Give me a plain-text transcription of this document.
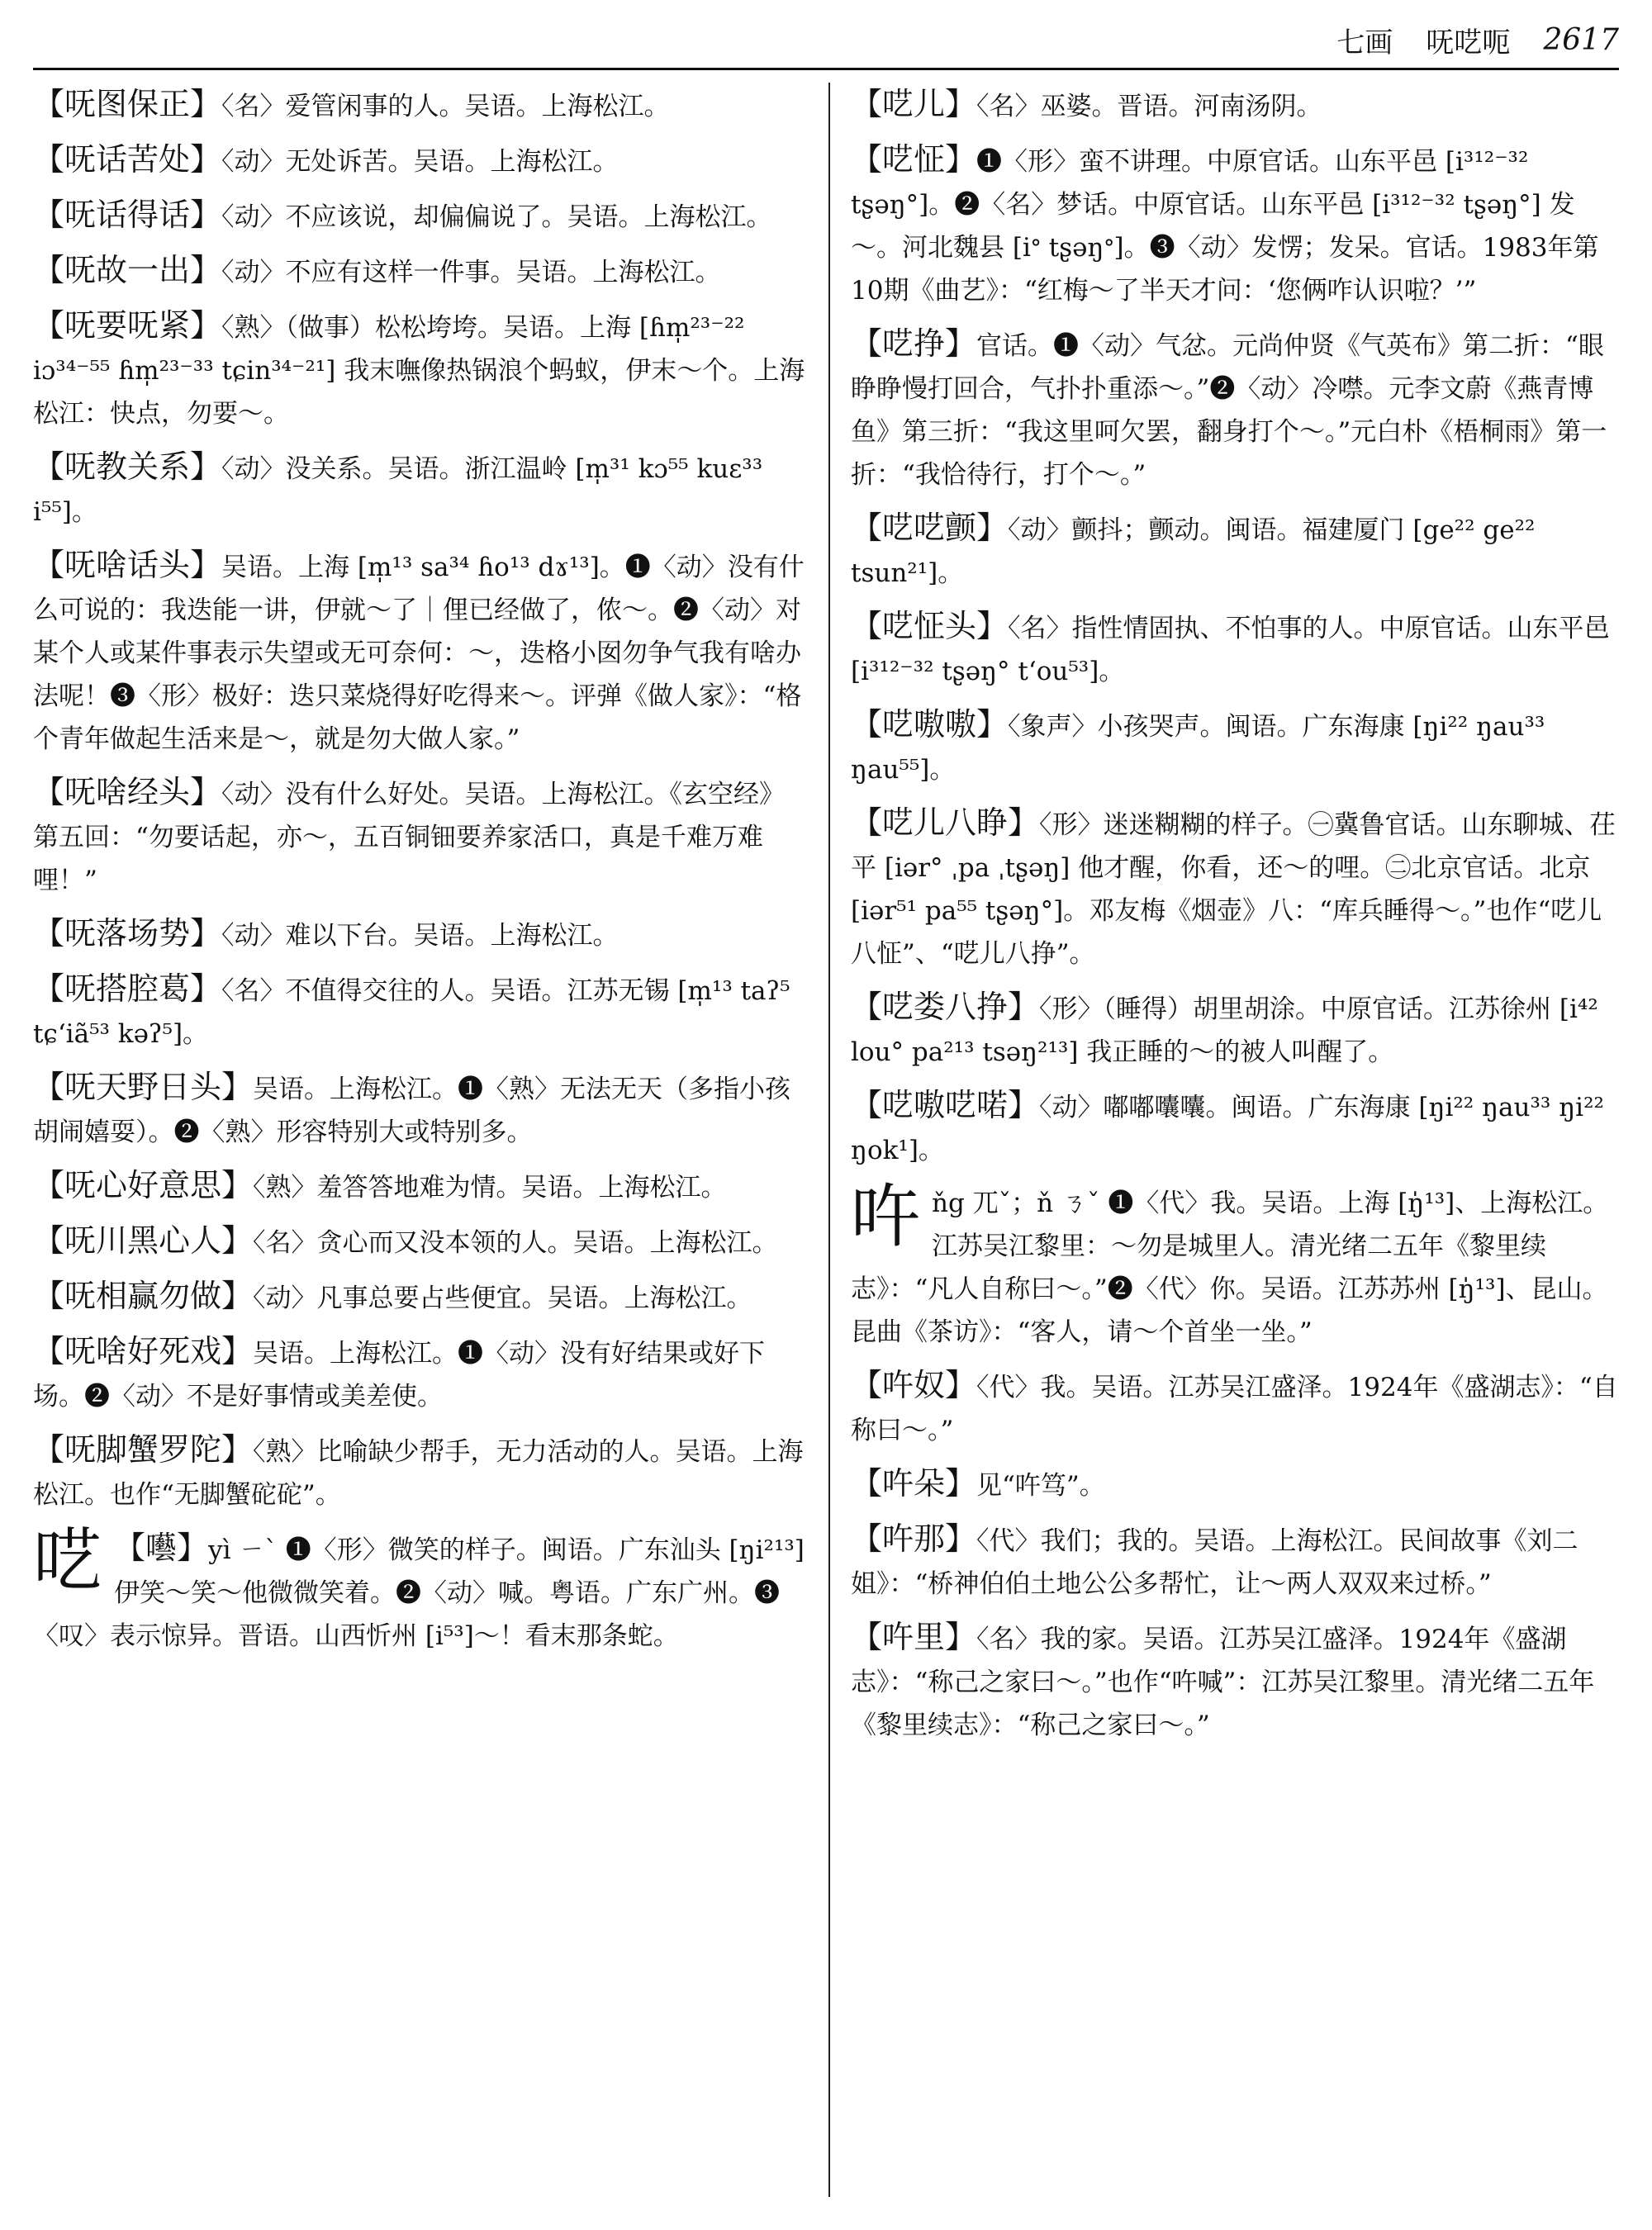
七画 呒呓呃 2617
【 呒图保正 】 〈名〉爱管闲事的人。吴语。上海松江。
【 呒话苦处 】 〈动〉无处诉苦。吴语。上海松江。
【 呒话得话 】 〈动〉不应该说，却偏偏说了。吴语。上海松江。
【 呒故一出 】 〈动〉不应有这样一件事。吴语。上海松江。
【 呒要呒紧 】 〈熟〉（做事）松松垮垮。吴语。上海 [ɦm̩²³⁻²² iɔ³⁴⁻⁵⁵ ɦm̩²³⁻³³ tɕin³⁴⁻²¹] 我末嘸像热锅浪个蚂蚁，伊末～个。上海松江：快点，勿要～。
【 呒教关系 】 〈动〉没关系。吴语。浙江温岭 [m̩³¹ kɔ⁵⁵ kuɛ³³ i⁵⁵]。
【 呒啥话头 】 吴语。上海 [m̩¹³ sa³⁴ ɦo¹³ dɤ¹³]。❶〈动〉没有什么可说的：我迭能一讲，伊就～了｜俚已经做了，侬～。❷〈动〉对某个人或某件事表示失望或无可奈何：～，迭格小囡勿争气我有啥办法呢！❸〈形〉极好：迭只菜烧得好吃得来～。评弹《做人家》：“格个青年做起生活来是～，就是勿大做人家。”
【 呒啥经头 】 〈动〉没有什么好处。吴语。上海松江。《玄空经》第五回：“勿要话起，亦～，五百铜钿要养家活口，真是千难万难哩！”
【 呒落场势 】 〈动〉难以下台。吴语。上海松江。
【 呒搭腔葛 】 〈名〉不值得交往的人。吴语。江苏无锡 [m̩¹³ taʔ⁵ tɕʻiã⁵³ kəʔ⁵]。
【 呒天野日头 】 吴语。上海松江。❶〈熟〉无法无天（多指小孩胡闹嬉耍）。❷〈熟〉形容特别大或特别多。
【 呒心好意思 】 〈熟〉羞答答地难为情。吴语。上海松江。
【 呒川黑心人 】 〈名〉贪心而又没本领的人。吴语。上海松江。
【 呒相赢勿做 】 〈动〉凡事总要占些便宜。吴语。上海松江。
【 呒啥好死戏 】 吴语。上海松江。❶〈动〉没有好结果或好下场。❷〈动〉不是好事情或美差使。
【 呒脚蟹罗陀 】 〈熟〉比喻缺少帮手，无力活动的人。吴语。上海松江。也作“无脚蟹砣砣”。
呓
【 囈 】 yì ㄧˋ ❶〈形〉微笑的样子。闽语。广东汕头 [ŋi²¹³] 伊笑～笑～他微微笑着。❷〈动〉喊。粤语。广东广州。❸〈叹〉表示惊异。晋语。山西忻州 [i⁵³]～！看末那条蛇。
【 呓儿 】 〈名〉巫婆。晋语。河南汤阴。
【 呓怔 】 ❶〈形〉蛮不讲理。中原官话。山东平邑 [i³¹²⁻³² tʂəŋ°]。❷〈名〉梦话。中原官话。山东平邑 [i³¹²⁻³² tʂəŋ°] 发～。河北魏县 [iᐤ tʂəŋᐤ]。❸〈动〉发愣；发呆。官话。1983年第10期《曲艺》：“红梅～了半天才问：‘您俩咋认识啦？’”
【 呓挣 】 官话。❶〈动〉气忿。元尚仲贤《气英布》第二折：“眼睁睁慢打回合，气扑扑重添～。”❷〈动〉冷噤。元李文蔚《燕青博鱼》第三折：“我这里呵欠罢，翻身打个～。”元白朴《梧桐雨》第一折：“我恰待行，打个～。”
【 呓呓颤 】 〈动〉颤抖；颤动。闽语。福建厦门 [ge²² ge²² tsun²¹]。
【 呓怔头 】 〈名〉指性情固执、不怕事的人。中原官话。山东平邑 [i³¹²⁻³² tʂəŋ° tʻou⁵³]。
【 呓嗷嗷 】 〈象声〉小孩哭声。闽语。广东海康 [ŋi²² ŋau³³ ŋau⁵⁵]。
【 呓儿八睁 】 〈形〉迷迷糊糊的样子。㊀冀鲁官话。山东聊城、茌平 [iər° ˌpa ˌtʂəŋ] 他才醒，你看，还～的哩。㊁北京官话。北京 [iər⁵¹ pa⁵⁵ tʂəŋ°]。邓友梅《烟壶》八：“库兵睡得～。”也作“呓儿八怔”、“呓儿八挣”。
【 呓娄八挣 】 〈形〉（睡得）胡里胡涂。中原官话。江苏徐州 [i⁴² lou° pa²¹³ tsəŋ²¹³] 我正睡的～的被人叫醒了。
【 呓嗷呓喏 】 〈动〉嘟嘟囔囔。闽语。广东海康 [ŋi²² ŋau³³ ŋi²² ŋok¹]。
吘 ňg ㄫˇ；ň ㄋˇ ❶〈代〉我。吴语。上海 [ŋ̍¹³]、上海松江。江苏吴江黎里：～勿是城里人。清光绪二五年《黎里续志》：“凡人自称曰～。”❷〈代〉你。吴语。江苏苏州 [ŋ̍¹³]、昆山。昆曲《茶访》：“客人，请～个首坐一坐。”
【 吘奴 】 〈代〉我。吴语。江苏吴江盛泽。1924年《盛湖志》：“自称曰～。”
【 吘朵 】 见“吘笃”。
【 吘那 】 〈代〉我们；我的。吴语。上海松江。民间故事《刘二姐》：“桥神伯伯土地公公多帮忙，让～两人双双来过桥。”
【 吘里 】 〈名〉我的家。吴语。江苏吴江盛泽。1924年《盛湖志》：“称己之家曰～。”也作“吘喊”：江苏吴江黎里。清光绪二五年《黎里续志》：“称己之家曰～。”
